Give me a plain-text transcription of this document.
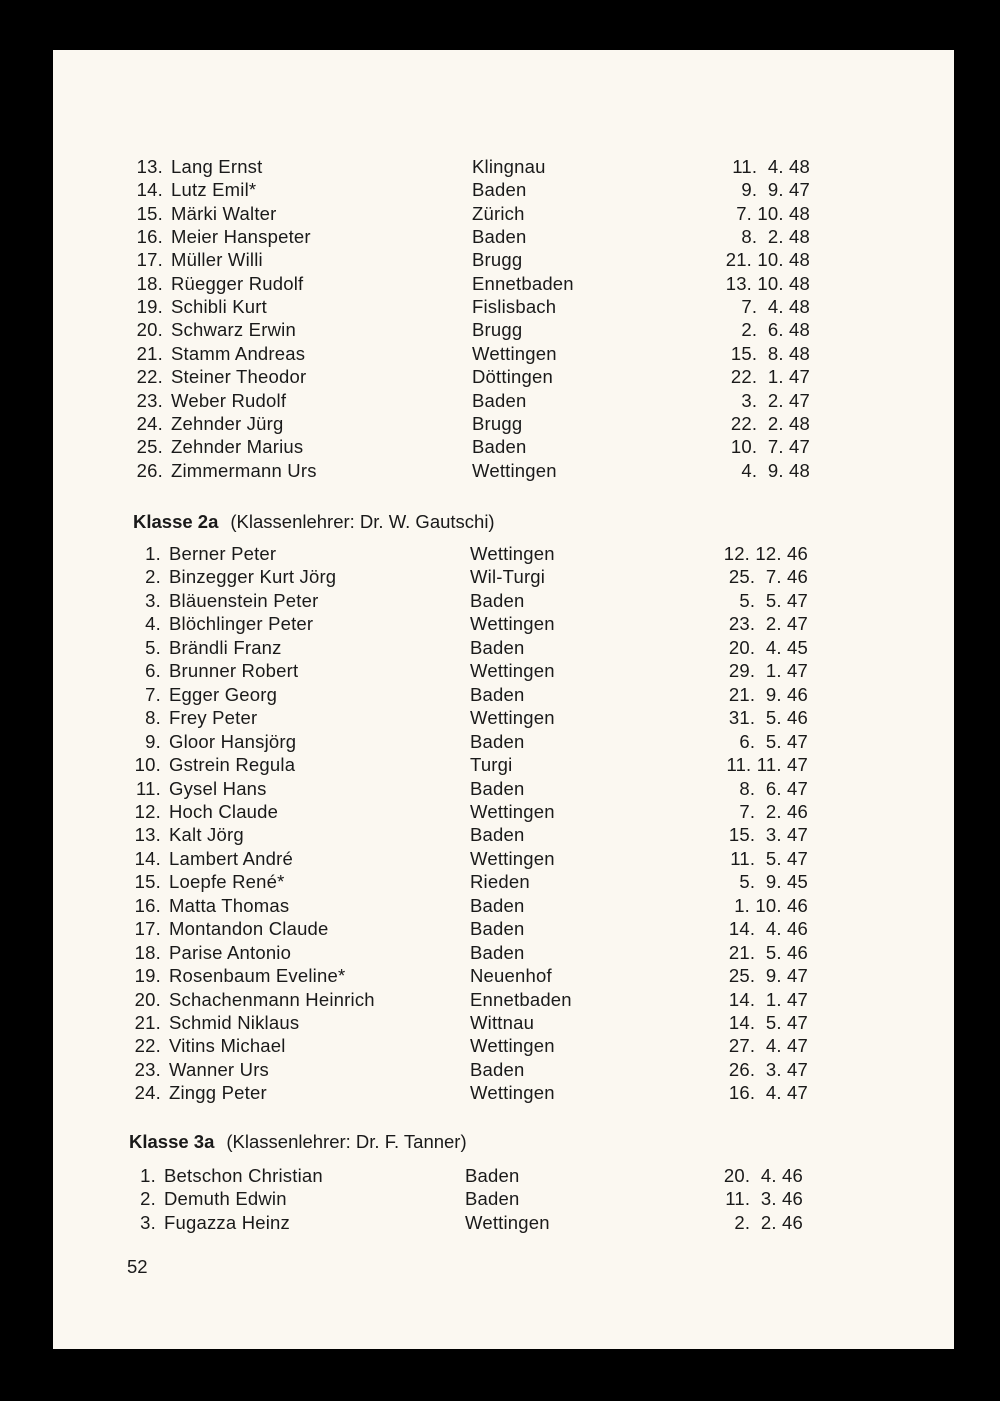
13. Lang Ernst	Klingnau	11.  4. 48
14. Lutz Emil*	Baden	9.  9. 47
15. Märki Walter	Zürich	7. 10. 48
16. Meier Hanspeter	Baden	8.  2. 48
17. Müller Willi	Brugg	21. 10. 48
18. Rüegger Rudolf	Ennetbaden	13. 10. 48
19. Schibli Kurt	Fislisbach	7.  4. 48
20. Schwarz Erwin	Brugg	2.  6. 48
21. Stamm Andreas	Wettingen	15.  8. 48
22. Steiner Theodor	Döttingen	22.  1. 47
23. Weber Rudolf	Baden	3.  2. 47
24. Zehnder Jürg	Brugg	22.  2. 48
25. Zehnder Marius	Baden	10.  7. 47
26. Zimmermann Urs	Wettingen	4.  9. 48
Klasse 2a (Klassenlehrer: Dr. W. Gautschi)
1. Berner Peter	Wettingen	12. 12. 46
2. Binzegger Kurt Jörg	Wil-Turgi	25.  7. 46
3. Bläuenstein Peter	Baden	5.  5. 47
4. Blöchlinger Peter	Wettingen	23.  2. 47
5. Brändli Franz	Baden	20.  4. 45
6. Brunner Robert	Wettingen	29.  1. 47
7. Egger Georg	Baden	21.  9. 46
8. Frey Peter	Wettingen	31.  5. 46
9. Gloor Hansjörg	Baden	6.  5. 47
10. Gstrein Regula	Turgi	11. 11. 47
11. Gysel Hans	Baden	8.  6. 47
12. Hoch Claude	Wettingen	7.  2. 46
13. Kalt Jörg	Baden	15.  3. 47
14. Lambert André	Wettingen	11.  5. 47
15. Loepfe René*	Rieden	5.  9. 45
16. Matta Thomas	Baden	1. 10. 46
17. Montandon Claude	Baden	14.  4. 46
18. Parise Antonio	Baden	21.  5. 46
19. Rosenbaum Eveline*	Neuenhof	25.  9. 47
20. Schachenmann Heinrich	Ennetbaden	14.  1. 47
21. Schmid Niklaus	Wittnau	14.  5. 47
22. Vitins Michael	Wettingen	27.  4. 47
23. Wanner Urs	Baden	26.  3. 47
24. Zingg Peter	Wettingen	16.  4. 47
Klasse 3a (Klassenlehrer: Dr. F. Tanner)
1. Betschon Christian	Baden	20.  4. 46
2. Demuth Edwin	Baden	11.  3. 46
3. Fugazza Heinz	Wettingen	2.  2. 46
52
